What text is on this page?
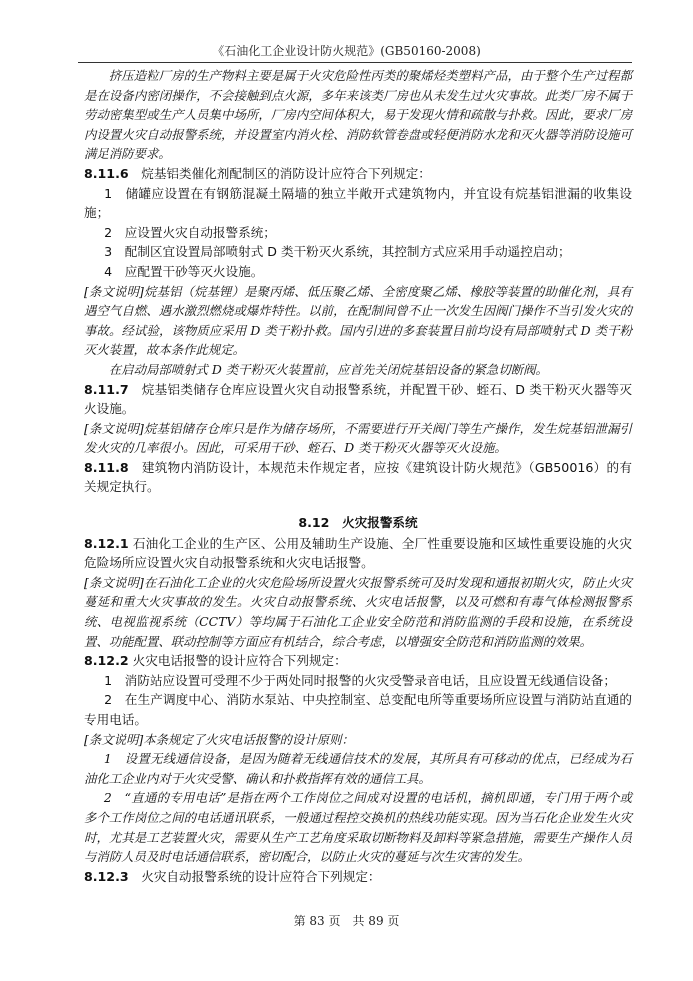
《石油化工企业设计防火规范》(GB50160-2008)

挤压造粒厂房的生产物料主要是属于火灾危险性丙类的聚烯烃类塑料产品，由于整个生产过程都是在设备内密闭操作，不会接触到点火源，多年来该类厂房也从未发生过火灾事故。此类厂房不属于劳动密集型或生产人员集中场所，厂房内空间体积大，易于发现火情和疏散与扑救。因此，要求厂房内设置火灾自动报警系统，并设置室内消火栓、消防软管卷盘或轻便消防水龙和灭火器等消防设施可满足消防要求。

8.11.6　 烷基铝类催化剂配制区的消防设计应符合下列规定：

1　储罐应设置在有钢筋混凝土隔墙的独立半敞开式建筑物内，并宜设有烷基铝泄漏的收集设施；

2　应设置火灾自动报警系统；

3　配制区宜设置局部喷射式 D 类干粉灭火系统，其控制方式应采用手动遥控启动；

4　应配置干砂等灭火设施。

[条文说明]烷基铝（烷基锂）是聚丙烯、低压聚乙烯、全密度聚乙烯、橡胶等装置的助催化剂，具有遇空气自燃、遇水激烈燃烧或爆炸特性。以前，在配制间曾不止一次发生因阀门操作不当引发火灾的事故。经试验，该物质应采用 D 类干粉扑救。国内引进的多套装置目前均设有局部喷射式 D 类干粉灭火装置，故本条作此规定。

在启动局部喷射式 D 类干粉灭火装置前，应首先关闭烷基铝设备的紧急切断阀。

8.11.7　 烷基铝类储存仓库应设置火灾自动报警系统，并配置干砂、蛭石、D 类干粉灭火器等灭火设施。

[条文说明]烷基铝储存仓库只是作为储存场所，不需要进行开关阀门等生产操作，发生烷基铝泄漏引发火灾的几率很小。因此，可采用干砂、蛭石、D 类干粉灭火器等灭火设施。

8.11.8　 建筑物内消防设计，本规范未作规定者，应按《建筑设计防火规范》（GB50016）的有关规定执行。

8.12　火灾报警系统

8.12.1 石油化工企业的生产区、公用及辅助生产设施、全厂性重要设施和区域性重要设施的火灾危险场所应设置火灾自动报警系统和火灾电话报警。

[条文说明]在石油化工企业的火灾危险场所设置火灾报警系统可及时发现和通报初期火灾，防止火灾蔓延和重大火灾事故的发生。火灾自动报警系统、火灾电话报警，以及可燃和有毒气体检测报警系统、电视监视系统（CCTV）等均属于石油化工企业安全防范和消防监测的手段和设施，在系统设置、功能配置、联动控制等方面应有机结合，综合考虑，以增强安全防范和消防监测的效果。

8.12.2 火灾电话报警的设计应符合下列规定：

1　消防站应设置可受理不少于两处同时报警的火灾受警录音电话，且应设置无线通信设备；

2　在生产调度中心、消防水泵站、中央控制室、总变配电所等重要场所应设置与消防站直通的专用电话。

[条文说明]本条规定了火灾电话报警的设计原则：

1　设置无线通信设备，是因为随着无线通信技术的发展，其所具有可移动的优点，已经成为石油化工企业内对于火灾受警、确认和扑救指挥有效的通信工具。

2　“直通的专用电话”是指在两个工作岗位之间成对设置的电话机，摘机即通，专门用于两个或多个工作岗位之间的电话通讯联系，一般通过程控交换机的热线功能实现。因为当石化企业发生火灾时，尤其是工艺装置火灾，需要从生产工艺角度采取切断物料及卸料等紧急措施，需要生产操作人员与消防人员及时电话通信联系，密切配合，以防止火灾的蔓延与次生灾害的发生。

8.12.3　 火灾自动报警系统的设计应符合下列规定：

第 83 页　共 89 页
